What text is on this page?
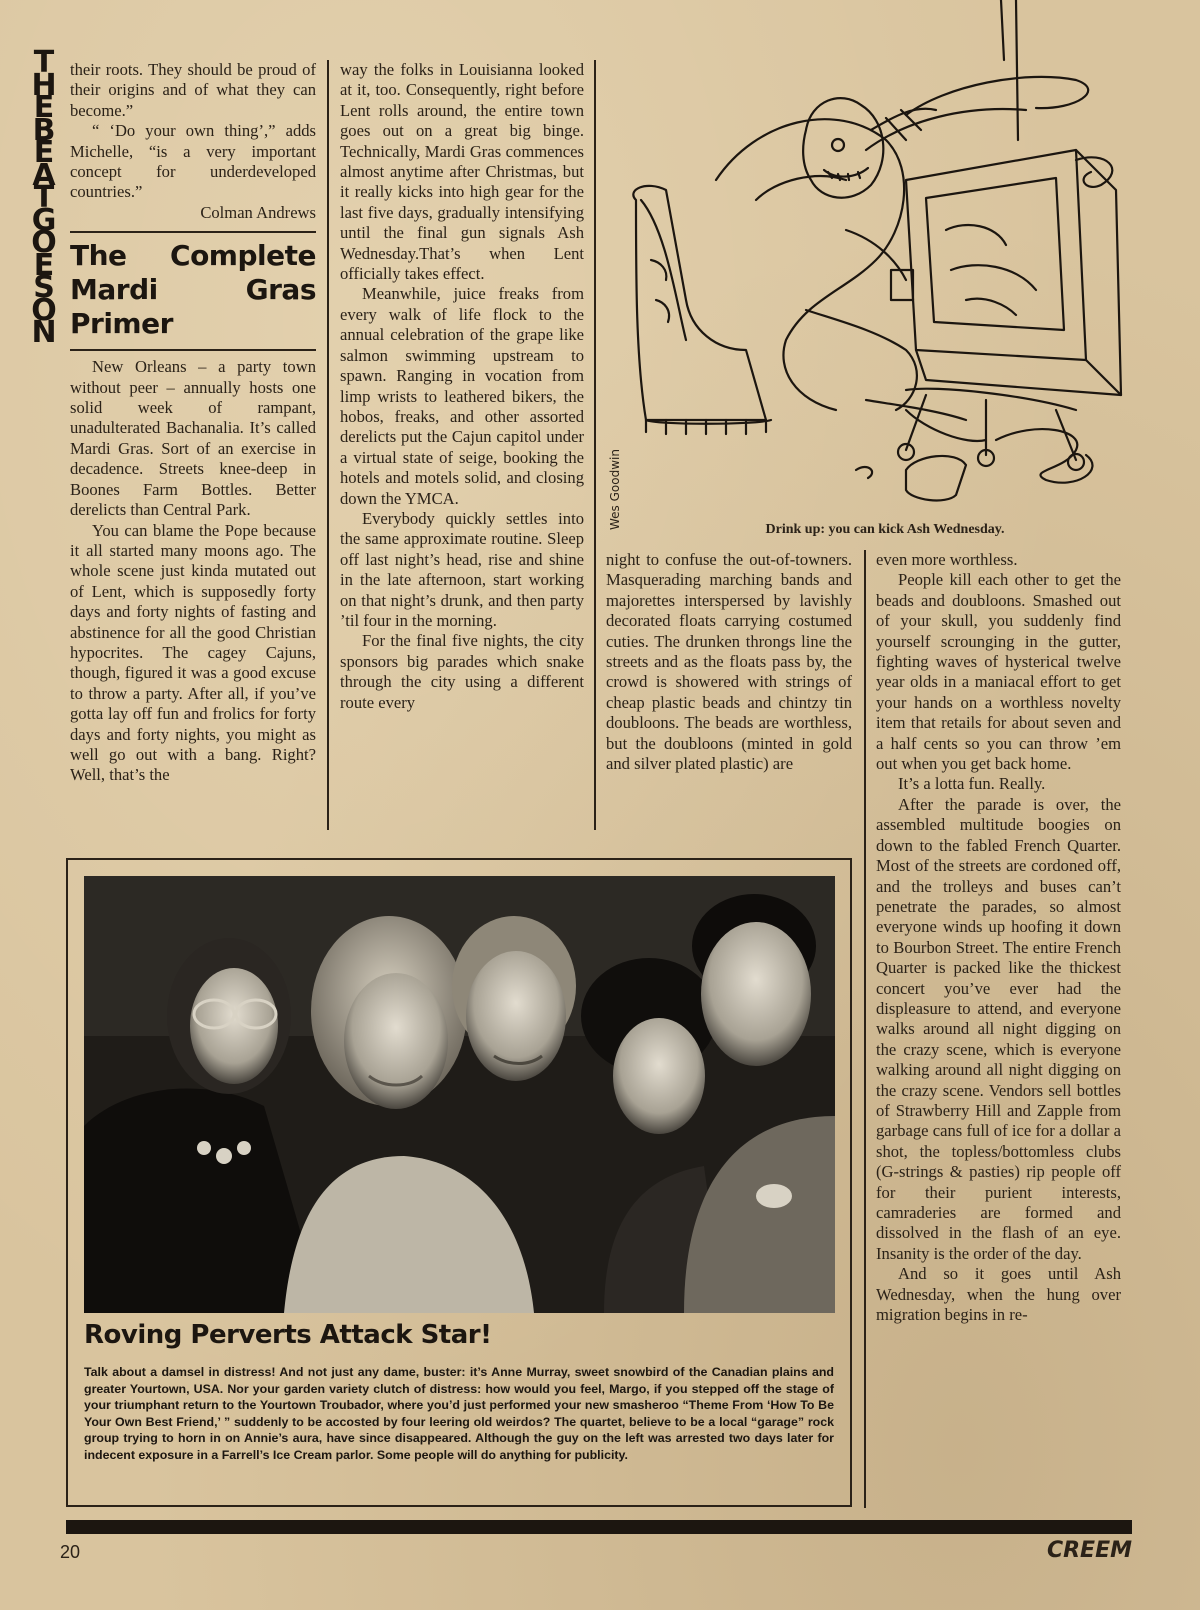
THE BEAT GOES ON

their roots. They should be proud of their origins and of what they can become.”

“ ‘Do your own thing’,” adds Michelle, “is a very important concept for underdeveloped countries.”

Colman Andrews

The Complete Mardi Gras Primer

New Orleans – a party town without peer – annually hosts one solid week of rampant, unadulterated Bachanalia. It’s called Mardi Gras. Sort of an exercise in decadence. Streets knee-deep in Boones Farm Bottles. Better derelicts than Central Park.

You can blame the Pope because it all started many moons ago. The whole scene just kinda mutated out of Lent, which is supposedly forty days and forty nights of fasting and abstinence for all the good Christian hypocrites. The cagey Cajuns, though, figured it was a good excuse to throw a party. After all, if you’ve gotta lay off fun and frolics for forty days and forty nights, you might as well go out with a bang. Right? Well, that’s the

way the folks in Louisianna looked at it, too. Consequently, right before Lent rolls around, the entire town goes out on a great big binge. Technically, Mardi Gras commences almost anytime after Christmas, but it really kicks into high gear for the last five days, gradually intensifying until the final gun signals Ash Wednesday.That’s when Lent officially takes effect.

Meanwhile, juice freaks from every walk of life flock to the annual celebration of the grape like salmon swimming upstream to spawn. Ranging in vocation from limp wrists to leathered bikers, the hobos, freaks, and other assorted derelicts put the Cajun capitol under a virtual state of seige, booking the hotels and motels solid, and closing down the YMCA.

Everybody quickly settles into the same approximate routine. Sleep off last night’s head, rise and shine in the late afternoon, start working on that night’s drunk, and then party ’til four in the morning.

For the final five nights, the city sponsors big parades which snake through the city using a different route every

Wes Goodwin	Drink up: you can kick Ash Wednesday.

night to confuse the out-of-towners. Masquerading marching bands and majorettes interspersed by lavishly decorated floats carrying costumed cuties. The drunken throngs line the streets and as the floats pass by, the crowd is showered with strings of cheap plastic beads and chintzy tin doubloons. The beads are worthless, but the doubloons (minted in gold and silver plated plastic) are

even more worthless.

People kill each other to get the beads and doubloons. Smashed out of your skull, you suddenly find yourself scrounging in the gutter, fighting waves of hysterical twelve year olds in a maniacal effort to get your hands on a worthless novelty item that retails for about seven and a half cents so you can throw ’em out when you get back home.

It’s a lotta fun. Really.

After the parade is over, the assembled multitude boogies on down to the fabled French Quarter. Most of the streets are cordoned off, and the trolleys and buses can’t penetrate the parades, so almost everyone winds up hoofing it down to Bourbon Street. The entire French Quarter is packed like the thickest concert you’ve ever had the displeasure to attend, and everyone walks around all night digging on the crazy scene, which is everyone walking around all night digging on the crazy scene. Vendors sell bottles of Strawberry Hill and Zapple from garbage cans full of ice for a dollar a shot, the topless/bottomless clubs (G-strings & pasties) rip people off for their purient interests, camraderies are formed and dissolved in the flash of an eye. Insanity is the order of the day.

And so it goes until Ash Wednesday, when the hung over migration begins in re-

Roving Perverts Attack Star!
Talk about a damsel in distress! And not just any dame, buster: it’s Anne Murray, sweet snowbird of the Canadian plains and greater Yourtown, USA. Nor your garden variety clutch of distress: how would you feel, Margo, if you stepped off the stage of your triumphant return to the Yourtown Troubador, where you’d just performed your new smasheroo “Theme From ‘How To Be Your Own Best Friend,’ ” suddenly to be accosted by four leering old weirdos? The quartet, believe to be a local “garage” rock group trying to horn in on Annie’s aura, have since disappeared. Although the guy on the left was arrested two days later for indecent exposure in a Farrell’s Ice Cream parlor. Some people will do anything for publicity.
20	CREEM
